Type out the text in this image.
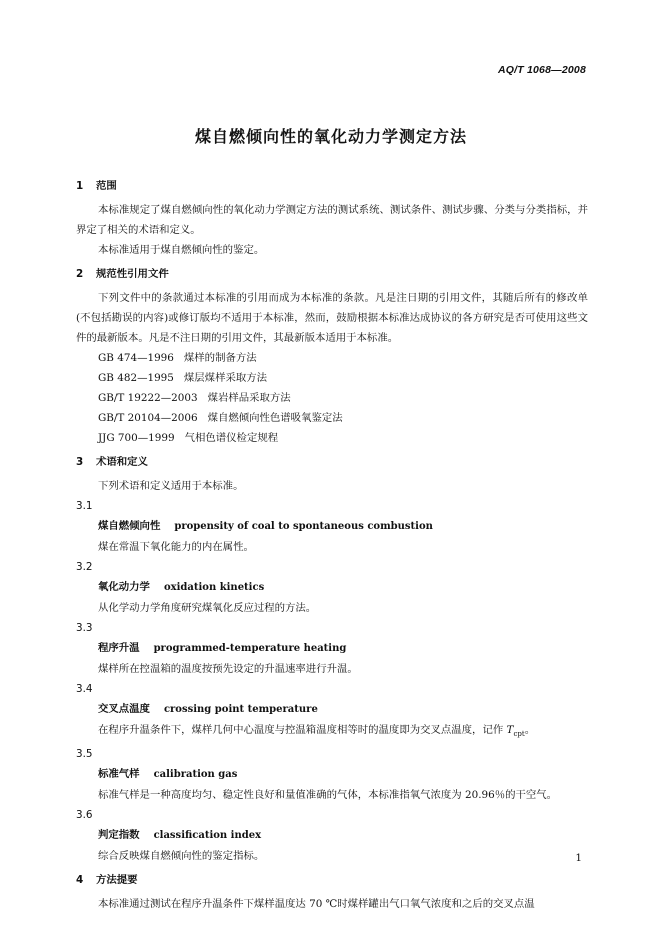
AQ/T 1068—2008
煤自燃倾向性的氧化动力学测定方法
1 范围

本标准规定了煤自燃倾向性的氧化动力学测定方法的测试系统、测试条件、测试步骤、分类与分类指标，并界定了相关的术语和定义。

本标准适用于煤自燃倾向性的鉴定。

2 规范性引用文件

下列文件中的条款通过本标准的引用而成为本标准的条款。凡是注日期的引用文件，其随后所有的修改单(不包括勘误的内容)或修订版均不适用于本标准，然而，鼓励根据本标准达成协议的各方研究是否可使用这些文件的最新版本。凡是不注日期的引用文件，其最新版本适用于本标准。

GB 474—1996 煤样的制备方法

GB 482—1995 煤层煤样采取方法

GB/T 19222—2003 煤岩样品采取方法

GB/T 20104—2006 煤自燃倾向性色谱吸氧鉴定法

JJG 700—1999 气相色谱仪检定规程

3 术语和定义

下列术语和定义适用于本标准。

3.1

煤自燃倾向性 propensity of coal to spontaneous combustion

煤在常温下氧化能力的内在属性。

3.2

氧化动力学 oxidation kinetics

从化学动力学角度研究煤氧化反应过程的方法。

3.3

程序升温 programmed-temperature heating

煤样所在控温箱的温度按预先设定的升温速率进行升温。

3.4

交叉点温度 crossing point temperature

在程序升温条件下，煤样几何中心温度与控温箱温度相等时的温度即为交叉点温度，记作 $T_{cpt}$。

3.5

标准气样 calibration gas

标准气样是一种高度均匀、稳定性良好和量值准确的气体，本标准指氧气浓度为 20.96％的干空气。

3.6

判定指数 classification index

综合反映煤自燃倾向性的鉴定指标。

4 方法提要

本标准通过测试在程序升温条件下煤样温度达 70 ℃时煤样罐出气口氧气浓度和之后的交叉点温

1
